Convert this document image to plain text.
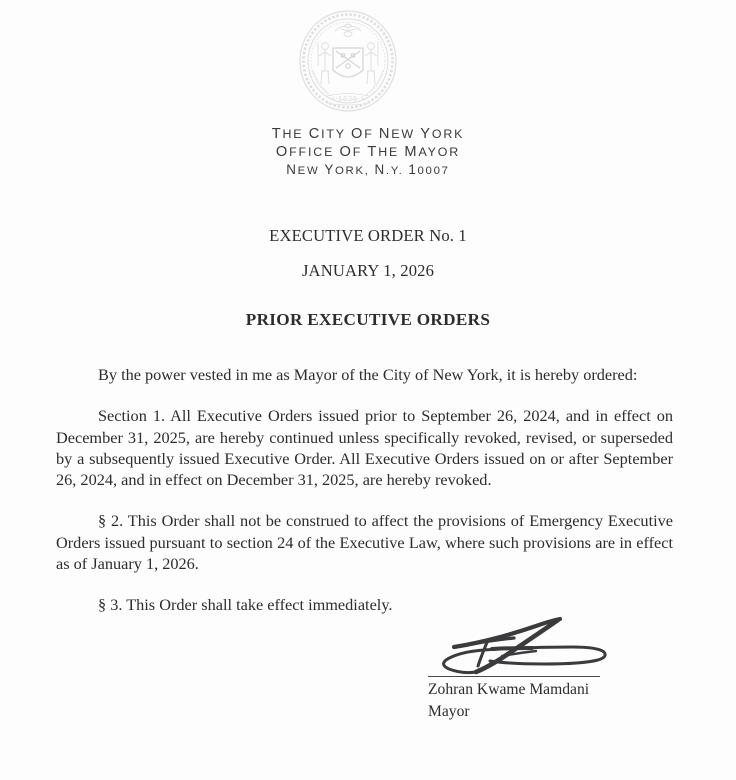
1625
THE CITY OF NEW YORK
OFFICE OF THE MAYOR
NEW YORK, N.Y. 10007
EXECUTIVE ORDER No. 1
JANUARY 1, 2026
PRIOR EXECUTIVE ORDERS

By the power vested in me as Mayor of the City of New York, it is hereby ordered:

Section 1. All Executive Orders issued prior to September 26, 2024, and in effect on December 31, 2025, are hereby continued unless specifically revoked, revised, or superseded by a subsequently issued Executive Order. All Executive Orders issued on or after September 26, 2024, and in effect on December 31, 2025, are hereby revoked.

§ 2. This Order shall not be construed to affect the provisions of Emergency Executive Orders issued pursuant to section 24 of the Executive Law, where such provisions are in effect as of January 1, 2026.

§ 3. This Order shall take effect immediately.

Zohran Kwame Mamdani
Mayor
